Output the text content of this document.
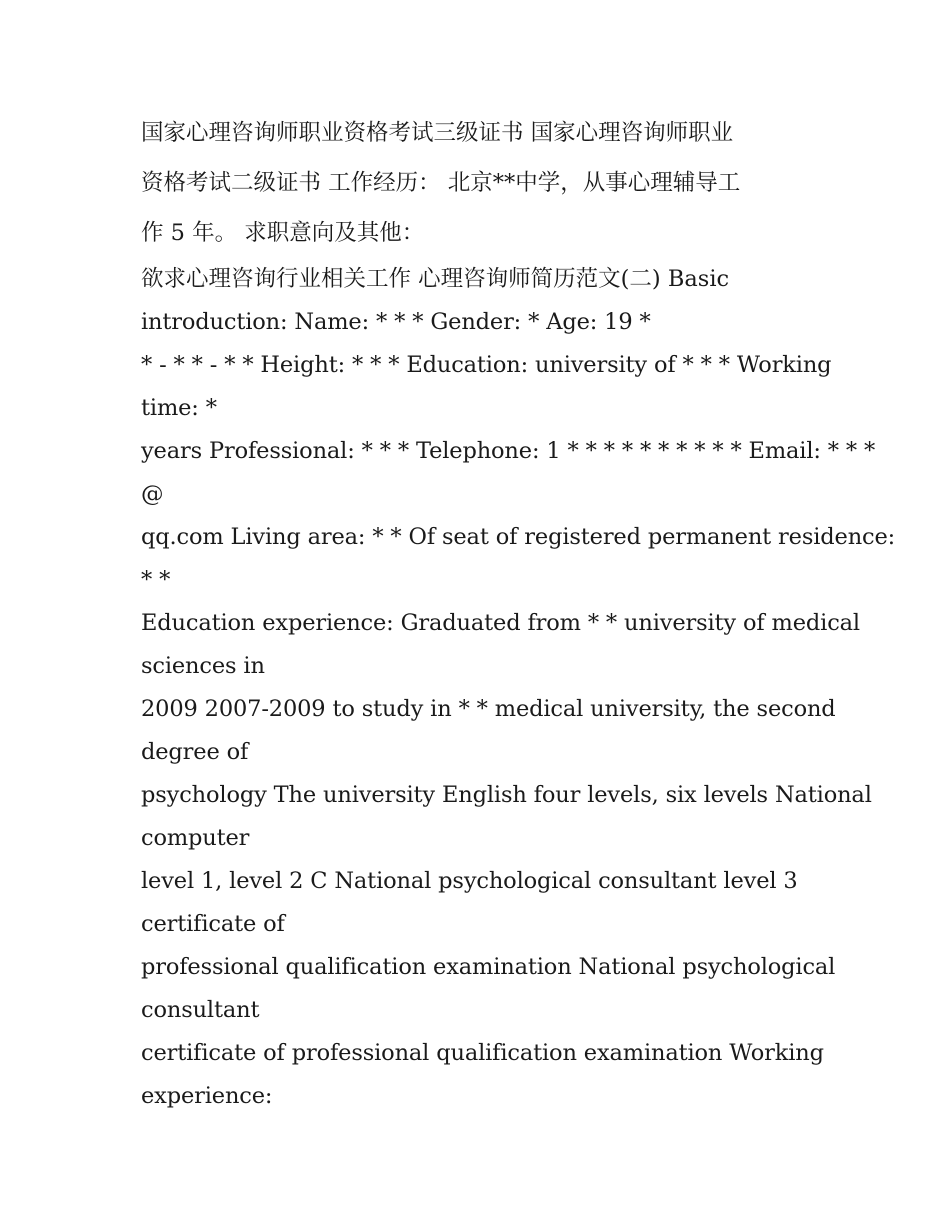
国家心理咨询师职业资格考试三级证书 国家心理咨询师职业
资格考试二级证书 工作经历： 北京**中学，从事心理辅导工
作 5 年。 求职意向及其他：
欲求心理咨询行业相关工作 心理咨询师简历范文(二) Basic
introduction: Name: * * * Gender: * Age: 19 *
* - * * - * * Height: * * * Education: university of * * * Working
time: *
years Professional: * * * Telephone: 1 * * * * * * * * * * Email: * * *
@
qq.com Living area: * * Of seat of registered permanent residence:
* *
Education experience: Graduated from * * university of medical
sciences in
2009 2007-2009 to study in * * medical university, the second
degree of
psychology The university English four levels, six levels National
computer
level 1, level 2 C National psychological consultant level 3
certificate of
professional qualification examination National psychological
consultant
certificate of professional qualification examination Working
experience:
